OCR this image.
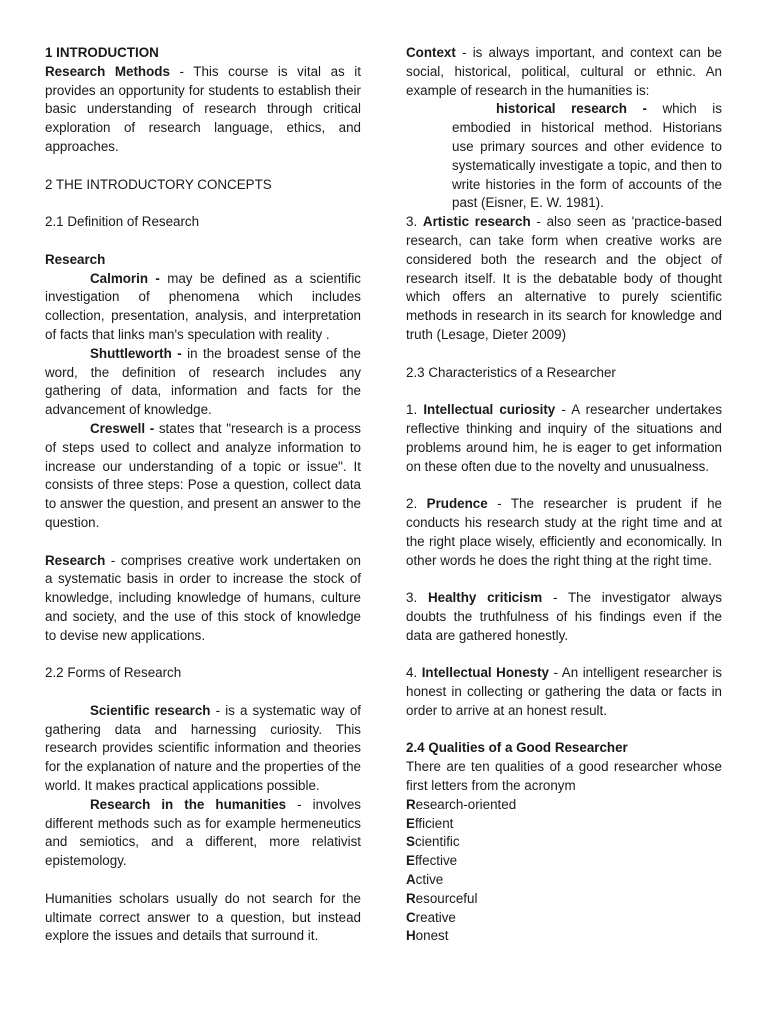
1 INTRODUCTION

Research Methods - This course is vital as it provides an opportunity for students to establish their basic understanding of research through critical exploration of research language, ethics, and approaches.

2 THE INTRODUCTORY CONCEPTS

2.1 Definition of Research

Research

Calmorin - may be defined as a scientific investigation of phenomena which includes collection, presentation, analysis, and interpretation of facts that links man's speculation with reality .

Shuttleworth - in the broadest sense of the word, the definition of research includes any gathering of data, information and facts for the advancement of knowledge.

Creswell - states that "research is a process of steps used to collect and analyze information to increase our understanding of a topic or issue". It consists of three steps: Pose a question, collect data to answer the question, and present an answer to the question.

Research - comprises creative work undertaken on a systematic basis in order to increase the stock of knowledge, including knowledge of humans, culture and society, and the use of this stock of knowledge to devise new applications.

2.2 Forms of Research

Scientific research - is a systematic way of gathering data and harnessing curiosity. This research provides scientific information and theories for the explanation of nature and the properties of the world. It makes practical applications possible.

Research in the humanities - involves different methods such as for example hermeneutics and semiotics, and a different, more relativist epistemology.

Humanities scholars usually do not search for the ultimate correct answer to a question, but instead explore the issues and details that surround it.

Context - is always important, and context can be social, historical, political, cultural or ethnic. An example of research in the humanities is:

historical research - which is embodied in historical method. Historians use primary sources and other evidence to systematically investigate a topic, and then to write histories in the form of accounts of the past (Eisner, E. W. 1981).

3. Artistic research - also seen as 'practice-based research, can take form when creative works are considered both the research and the object of research itself. It is the debatable body of thought which offers an alternative to purely scientific methods in research in its search for knowledge and truth (Lesage, Dieter 2009)

2.3 Characteristics of a Researcher

1. Intellectual curiosity - A researcher undertakes reflective thinking and inquiry of the situations and problems around him, he is eager to get information on these often due to the novelty and unusualness.

2. Prudence - The researcher is prudent if he conducts his research study at the right time and at the right place wisely, efficiently and economically. In other words he does the right thing at the right time.

3. Healthy criticism - The investigator always doubts the truthfulness of his findings even if the data are gathered honestly.

4. Intellectual Honesty - An intelligent researcher is honest in collecting or gathering the data or facts in order to arrive at an honest result.

2.4 Qualities of a Good Researcher

There are ten qualities of a good researcher whose first letters from the acronym

Research-oriented

Efficient

Scientific

Effective

Active

Resourceful

Creative

Honest
